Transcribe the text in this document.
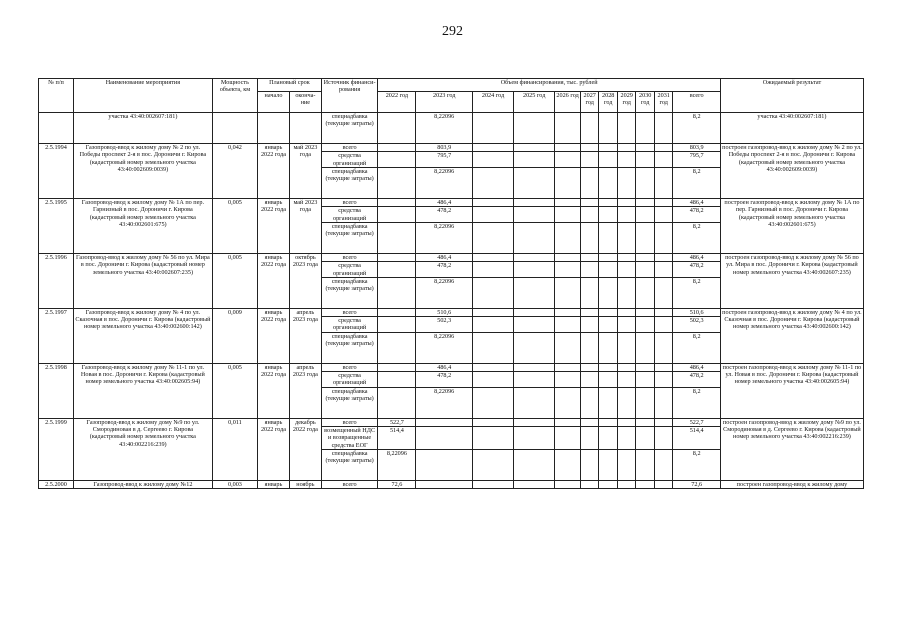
292
№ п/п	Наименование мероприятия	Мощность объекта, км	Плановый срок		Источник финанси-рования	Объем финансирования, тыс. рублей											Ожидаемый результат
			начало	оконча-ние		2022 год	2023 год	2024 год	2025 год	2026 год	2027 год	2028 год	2029 год	2030 год	2031 год	всего	
	участка 43:40:002607:181)				спецнадбавка (текущие затраты)		8,22096									8,2	участка 43:40:002607:181)
2.5.1994	Газопровод-ввод к жилому дому № 2 по ул. Победы проспект 2-я в пос. Дороничи г. Кирова (кадастровый номер земельного участка 43:40:002609:0039)	0,042	январь 2022 года	май 2023 года	всего		803,9									803,9	построен газопровод-ввод к жилому дому № 2 по ул. Победы проспект 2-я в пос. Дороничи г. Кирова (кадастровый номер земельного участка 43:40:002609:0039)
					средства организаций		795,7									795,7	
					спецнадбавка (текущие затраты)		8,22096									8,2	
2.5.1995	Газопровод-ввод к жилому дому № 1А по пер. Гарнизный в пос. Дороничи г. Кирова (кадастровый номер земельного участка 43:40:002601:675)	0,005	январь 2022 года	май 2023 года	всего		486,4									486,4	построен газопровод-ввод к жилому дому № 1А по пер. Гарнизный в пос. Дороничи г. Кирова (кадастровый номер земельного участка 43:40:002601:675)
					средства организаций		478,2									478,2	
					спецнадбавка (текущие затраты)		8,22096									8,2	
2.5.1996	Газопровод-ввод к жилому дому № 56 по ул. Мира в пос. Дороничи г. Кирова (кадастровый номер земельного участка 43:40:002607:235)	0,005	январь 2022 года	октябрь 2023 года	всего		486,4									486,4	построен газопровод-ввод к жилому дому № 56 по ул. Мира в пос. Дороничи г. Кирова (кадастровый номер земельного участка 43:40:002607:235)
					средства организаций		478,2									478,2	
					спецнадбавка (текущие затраты)		8,22096									8,2	
2.5.1997	Газопровод-ввод к жилому дому № 4 по ул. Сказочная в пос. Дороничи г. Кирова (кадастровый номер земельного участка 43:40:002600:142)	0,009	январь 2022 года	апрель 2023 года	всего		510,6									510,6	построен газопровод-ввод к жилому дому № 4 по ул. Сказочная в пос. Дороничи г. Кирова (кадастровый номер земельного участка 43:40:002600:142)
					средства организаций		502,3									502,3	
					спецнадбавка (текущие затраты)		8,22096									8,2	
2.5.1998	Газопровод-ввод к жилому дому № 11-1 по ул. Новая в пос. Дороничи г. Кирова (кадастровый номер земельного участка 43:40:002605:94)	0,005	январь 2022 года	апрель 2023 года	всего		486,4									486,4	построен газопровод-ввод к жилому дому № 11-1 по ул. Новая в пос. Дороничи г. Кирова (кадастровый номер земельного участка 43:40:002605:94)
					средства организаций		478,2									478,2	
					спецнадбавка (текущие затраты)		8,22096									8,2	
2.5.1999	Газопровод-ввод к жилому дому №9 по ул. Смородиновая в д. Сергеево г. Кирова (кадастровый номер земельного участка 43:40:002216:239)	0,011	январь 2022 года	декабрь 2022 года	всего	522,7										522,7	построен газопровод-ввод к жилому дому №9 по ул. Смородиновая в д. Сергеево г. Кирова (кадастровый номер земельного участка 43:40:002216:239)
					возмещенный НДС и возвращенные средства ЕОГ	514,4										514,4	
					спецнадбавка (текущие затраты)	8,22096										8,2	
2.5.2000	Газопровод-ввод к жилому дому №12	0,003	январь	ноябрь	всего	72,6										72,6	построен газопровод-ввод к жилому дому
